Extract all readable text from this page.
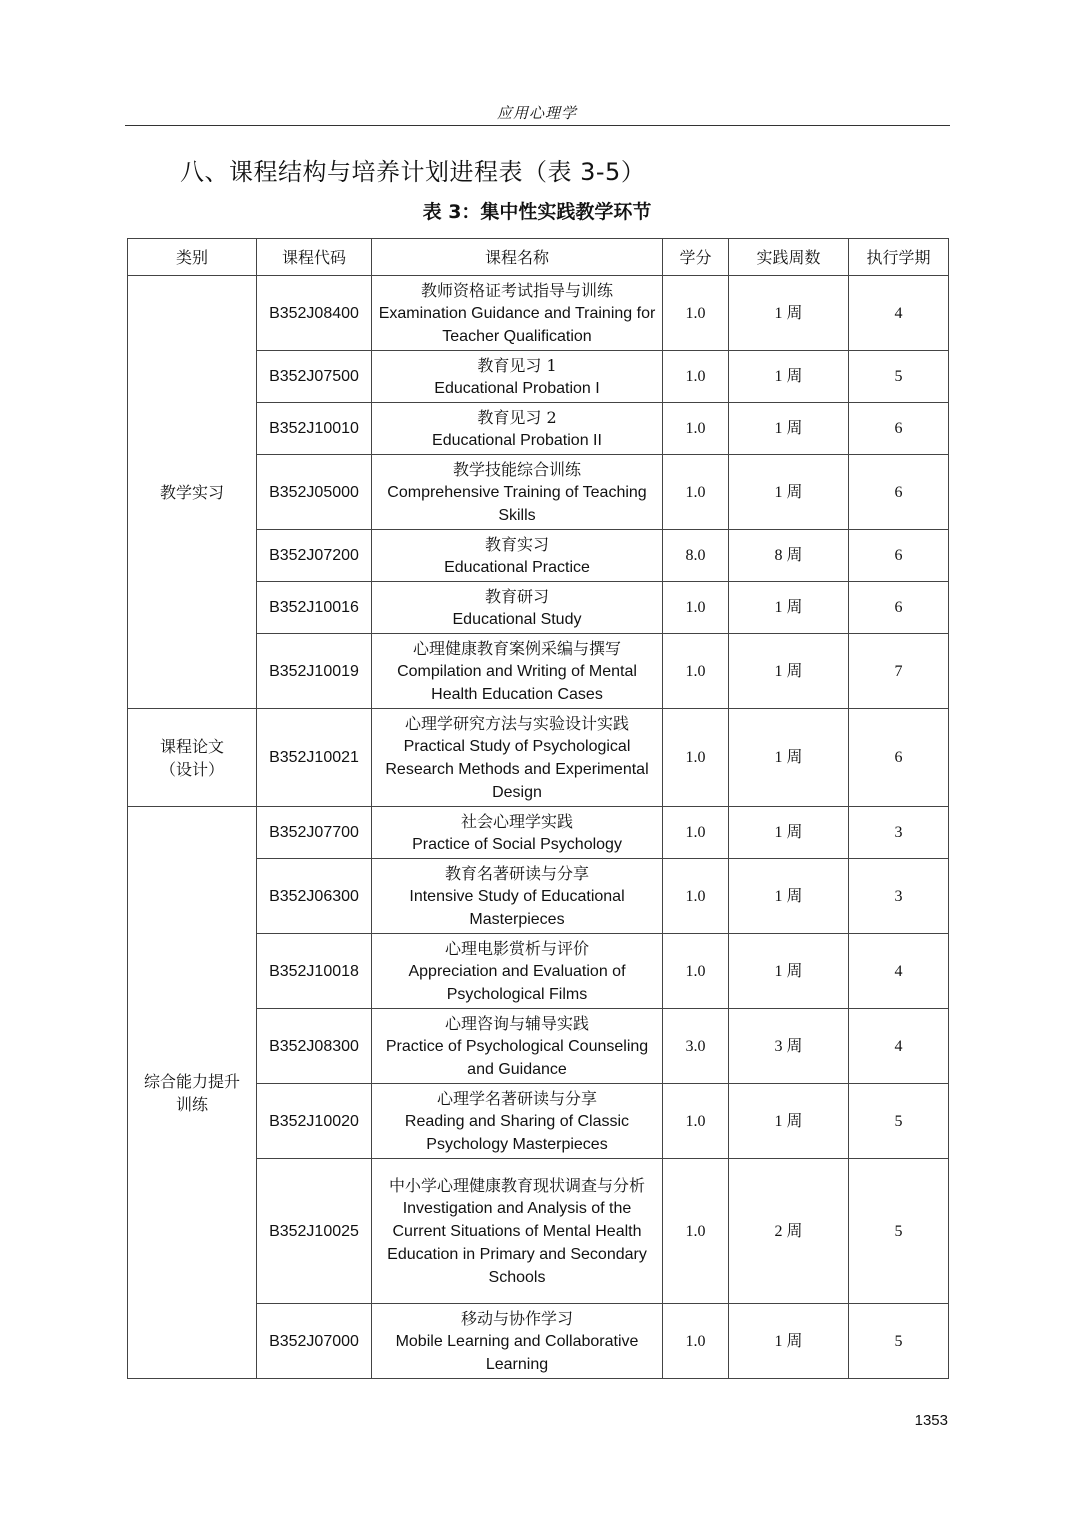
应用心理学
八、课程结构与培养计划进程表（表 3-5）
表 3：集中性实践教学环节
类别	课程代码	课程名称	学分	实践周数	执行学期
教学实习	B352J08400	教师资格证考试指导与训练
Examination Guidance and Training for Teacher Qualification	1.0	1 周	4
	B352J07500	教育见习 1
Educational Probation I	1.0	1 周	5
	B352J10010	教育见习 2
Educational Probation II	1.0	1 周	6
	B352J05000	教学技能综合训练
Comprehensive Training of Teaching Skills	1.0	1 周	6
	B352J07200	教育实习
Educational Practice	8.0	8 周	6
	B352J10016	教育研习
Educational Study	1.0	1 周	6
	B352J10019	心理健康教育案例采编与撰写
Compilation and Writing of Mental Health Education Cases	1.0	1 周	7

课程论文
（设计）	B352J10021	心理学研究方法与实验设计实践
Practical Study of Psychological Research Methods and Experimental Design	1.0	1 周	6

综合能力提升
训练	B352J07700	社会心理学实践
Practice of Social Psychology	1.0	1 周	3
	B352J06300	教育名著研读与分享
Intensive Study of Educational Masterpieces	1.0	1 周	3
	B352J10018	心理电影赏析与评价
Appreciation and Evaluation of Psychological Films	1.0	1 周	4
	B352J08300	心理咨询与辅导实践
Practice of Psychological Counseling and Guidance	3.0	3 周	4
	B352J10020	心理学名著研读与分享
Reading and Sharing of Classic Psychology Masterpieces	1.0	1 周	5
	B352J10025	中小学心理健康教育现状调查与分析
Investigation and Analysis of the Current Situations of Mental Health Education in Primary and Secondary Schools	1.0	2 周	5
	B352J07000	移动与协作学习
Mobile Learning and Collaborative Learning	1.0	1 周	5
1353
